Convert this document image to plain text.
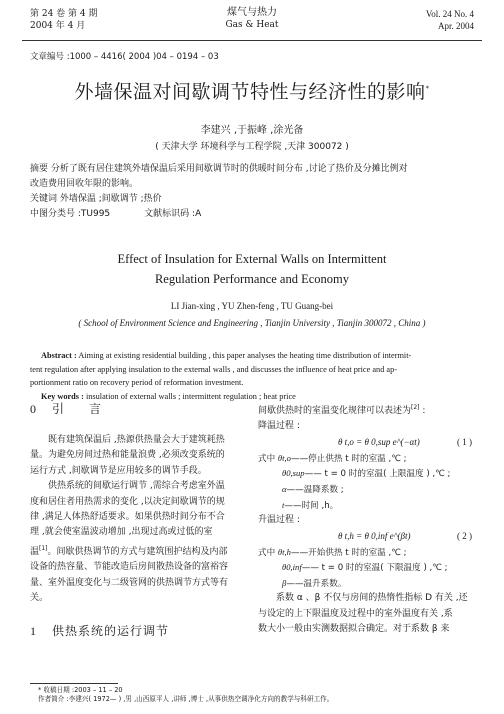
第 24 卷 第 4 期
2004 年 4 月
煤气与热力
Gas & Heat
Vol. 24 No. 4
Apr. 2004
文章编号 :1000 – 4416( 2004 )04 – 0194 – 03
外墙保温对间歇调节特性与经济性的影响*
李建兴 ,于振峰 ,涂光备
( 天津大学 环境科学与工程学院 ,天津 300072 )
摘要 分析了既有居住建筑外墙保温后采用间歇调节时的供暖时间分布 ,讨论了热价及分摊比例对
改造费用回收年限的影响。
关键词 外墙保温 ;间歇调节 ;热价
中图分类号 :TU995	文献标识码 :A
Effect of Insulation for External Walls on Intermittent
Regulation Performance and Economy
LI Jian-xing , YU Zhen-feng , TU Guang-bei
( School of Environment Science and Engineering , Tianjin University , Tianjin 300072 , China )
Abstract : Aiming at existing residential building , this paper analyses the heating time distribution of intermit-
tent regulation after applying insulation to the external walls , and discusses the influence of heat price and ap-
portionment ratio on recovery period of reformation investment.
Key words : insulation of external walls ; intermittent regulation ; heat price
0 引 言
既有建筑保温后 ,热源供热量会大于建筑耗热
量。为避免房间过热和能量浪费 ,必须改变系统的
运行方式 ,间歇调节是应用较多的调节手段。
供热系统的间歇运行调节 ,需综合考虑室外温
度和居住者用热需求的变化 ,以决定间歇调节的规
律 ,满足人体热舒适要求。如果供热时间分布不合
理 ,就会使室温波动增加 ,出现过高或过低的室
温[1]。间歇供热调节的方式与建筑围护结构及内部
设备的热容量、节能改造后房间散热设备的富裕容
量、室外温度变化与二级管网的供热调节方式等有
关。
1 供热系统的运行调节
间歇供热时的室温变化规律可以表述为[2] :
降温过程 :
θ t,o = θ 0,sup e^(−αt)	( 1 )
式中 θt,o——停止供热 t 时的室温 ,℃ ;
θ0,sup—— t = 0 时的室温( 上限温度 ) ,℃ ;
α——温降系数 ;
t——时间 ,h。
升温过程 :
θ t,h = θ 0,inf e^(βt)	( 2 )
式中 θt,h——开始供热 t 时的室温 ,℃ ;
θ0,inf—— t = 0 时的室温( 下限温度 ) ,℃ ;
β——温升系数。
系数 α 、β 不仅与房间的热惰性指标 D 有关 ,还
与设定的上下限温度及过程中的室外温度有关 ,系
数大小一般由实测数据拟合确定。对于系数 β 来
* 收稿日期 :2003 – 11 – 20
作者简介 :李建兴( 1972— ) ,男 ,山西原平人 ,讲师 ,博士 ,从事供热空调净化方向的教学与科研工作。
